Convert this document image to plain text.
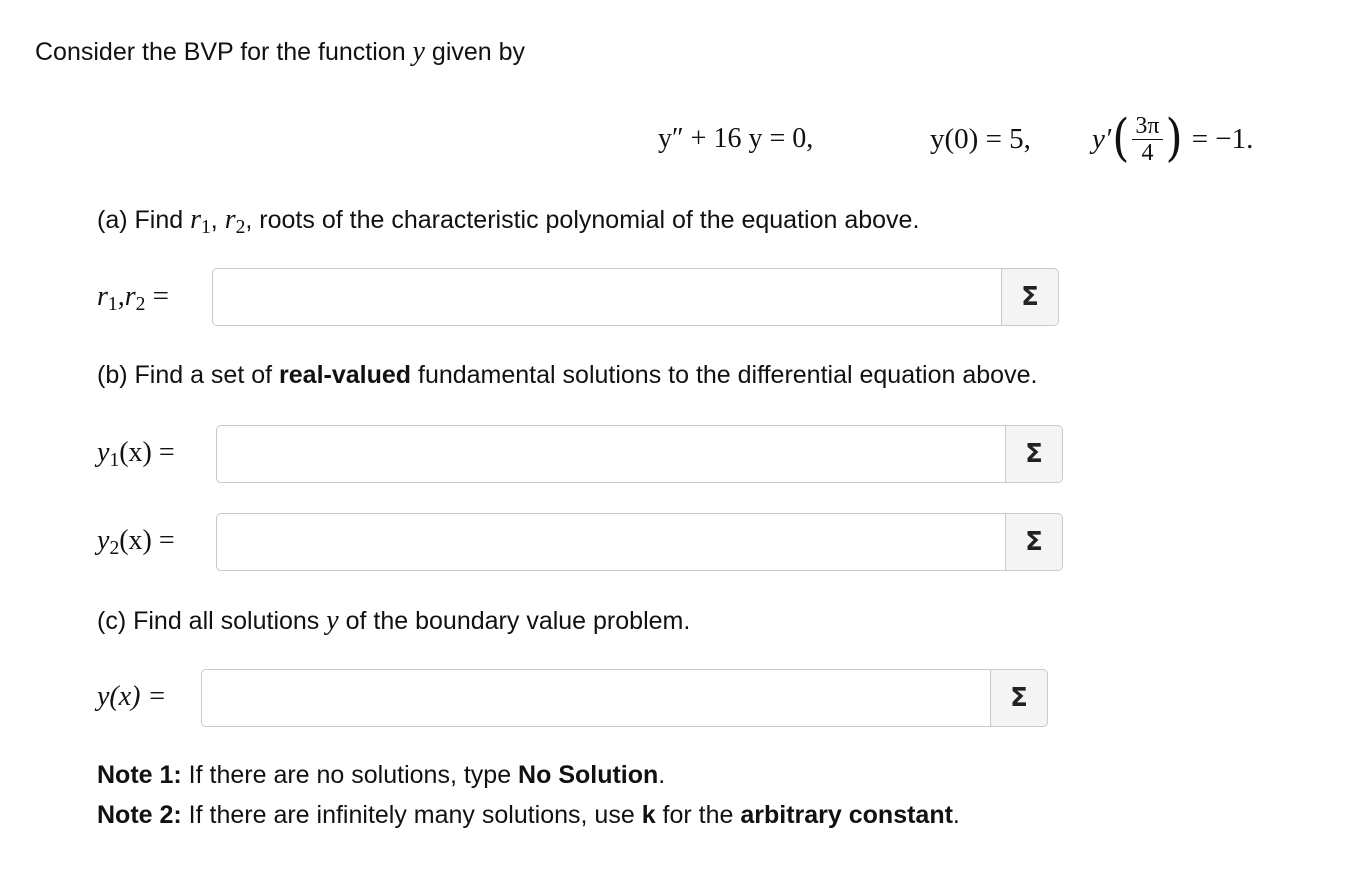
Consider the BVP for the function y given by
y″ + 16 y = 0,	y(0) = 5, y′ ( $\frac{3\pi}{4}$ ) = −1.
(a) Find $r_1$, $r_2$, roots of the characteristic polynomial of the equation above.
$r_1,r_2$ =	Σ
(b) Find a set of real-valued fundamental solutions to the differential equation above.
$y_1(x)$ =	Σ
$y_2(x)$ =	Σ
(c) Find all solutions y of the boundary value problem.
y(x) =	Σ
Note 1: If there are no solutions, type No Solution.
Note 2: If there are infinitely many solutions, use k for the arbitrary constant.
